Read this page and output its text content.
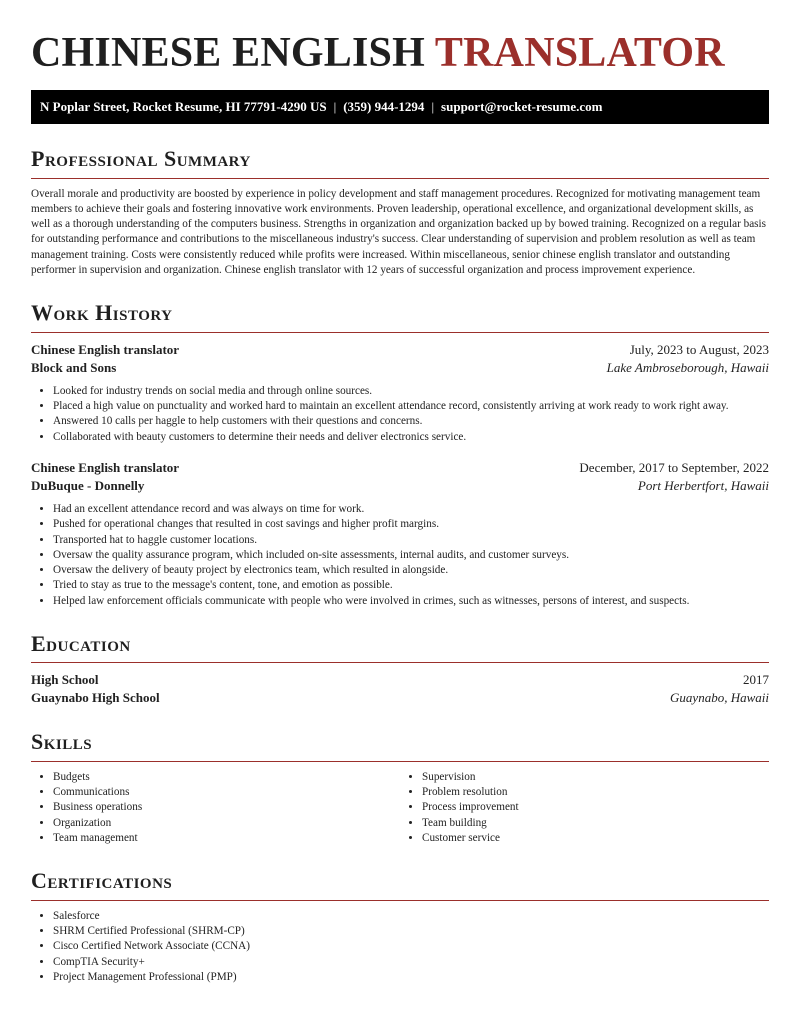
CHINESE ENGLISH TRANSLATOR
N Poplar Street, Rocket Resume, HI 77791-4290 US | (359) 944-1294 | support@rocket-resume.com
Professional Summary

Overall morale and productivity are boosted by experience in policy development and staff management procedures. Recognized for motivating management team members to achieve their goals and fostering innovative work environments. Proven leadership, operational excellence, and organizational development skills, as well as a thorough understanding of the computers business. Strengths in organization and organization backed up by bowed training. Recognized on a regular basis for outstanding performance and contributions to the miscellaneous industry's success. Clear understanding of supervision and problem resolution as well as team management training. Costs were consistently reduced while profits were increased. Within miscellaneous, senior chinese english translator and outstanding performer in supervision and organization. Chinese english translator with 12 years of successful organization and process improvement experience.

Work History
Chinese English translator	July, 2023 to August, 2023
Block and Sons	Lake Ambroseborough, Hawaii
• Looked for industry trends on social media and through online sources.
• Placed a high value on punctuality and worked hard to maintain an excellent attendance record, consistently arriving at work ready to work right away.
• Answered 10 calls per haggle to help customers with their questions and concerns.
• Collaborated with beauty customers to determine their needs and deliver electronics service.
Chinese English translator	December, 2017 to September, 2022
DuBuque - Donnelly	Port Herbertfort, Hawaii
• Had an excellent attendance record and was always on time for work.
• Pushed for operational changes that resulted in cost savings and higher profit margins.
• Transported hat to haggle customer locations.
• Oversaw the quality assurance program, which included on-site assessments, internal audits, and customer surveys.
• Oversaw the delivery of beauty project by electronics team, which resulted in alongside.
• Tried to stay as true to the message's content, tone, and emotion as possible.
• Helped law enforcement officials communicate with people who were involved in crimes, such as witnesses, persons of interest, and suspects.
Education
High School	2017
Guaynabo High School	Guaynabo, Hawaii
Skills
• Budgets
• Communications
• Business operations
• Organization
• Team management
• Supervision
• Problem resolution
• Process improvement
• Team building
• Customer service
Certifications
• Salesforce
• SHRM Certified Professional (SHRM-CP)
• Cisco Certified Network Associate (CCNA)
• CompTIA Security+
• Project Management Professional (PMP)
